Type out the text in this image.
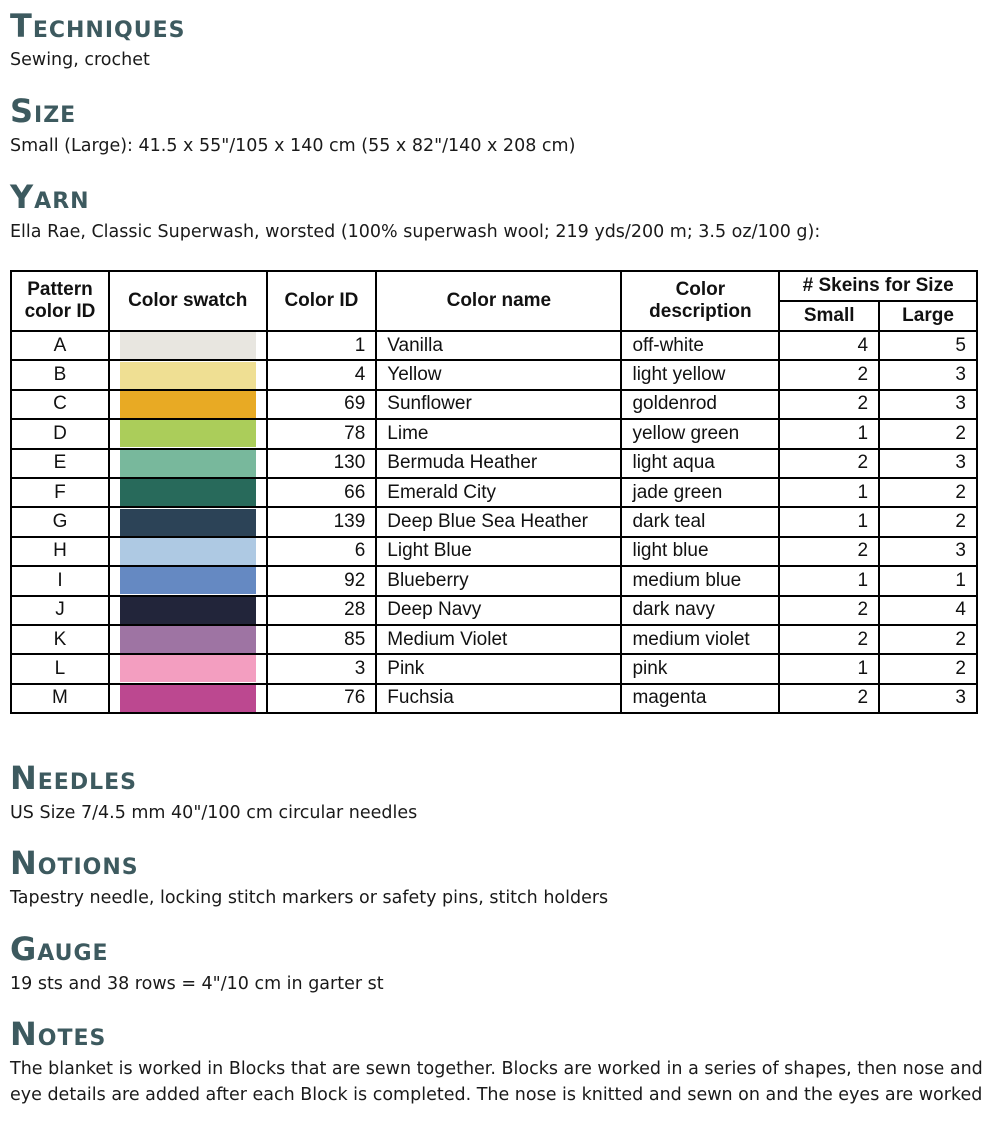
Techniques

Sewing, crochet

Size

Small (Large): 41.5 x 55"/105 x 140 cm (55 x 82"/140 x 208 cm)

Yarn

Ella Rae, Classic Superwash, worsted (100% superwash wool; 219 yds/200 m; 3.5 oz/100 g):

Pattern color ID	Color swatch	Color ID	Color name	Color description	# Skeins for Size	
					Small	Large
A		1	Vanilla	off-white	4	5
B		4	Yellow	light yellow	2	3
C		69	Sunflower	goldenrod	2	3
D		78	Lime	yellow green	1	2
E		130	Bermuda Heather	light aqua	2	3
F		66	Emerald City	jade green	1	2
G		139	Deep Blue Sea Heather	dark teal	1	2
H		6	Light Blue	light blue	2	3
I		92	Blueberry	medium blue	1	1
J		28	Deep Navy	dark navy	2	4
K		85	Medium Violet	medium violet	2	2
L		3	Pink	pink	1	2
M		76	Fuchsia	magenta	2	3
Needles

US Size 7/4.5 mm 40"/100 cm circular needles

Notions

Tapestry needle, locking stitch markers or safety pins, stitch holders

Gauge

19 sts and 38 rows = 4"/10 cm in garter st

Notes

The blanket is worked in Blocks that are sewn together. Blocks are worked in a series of shapes, then nose and eye details are added after each Block is completed. The nose is knitted and sewn on and the eyes are worked
